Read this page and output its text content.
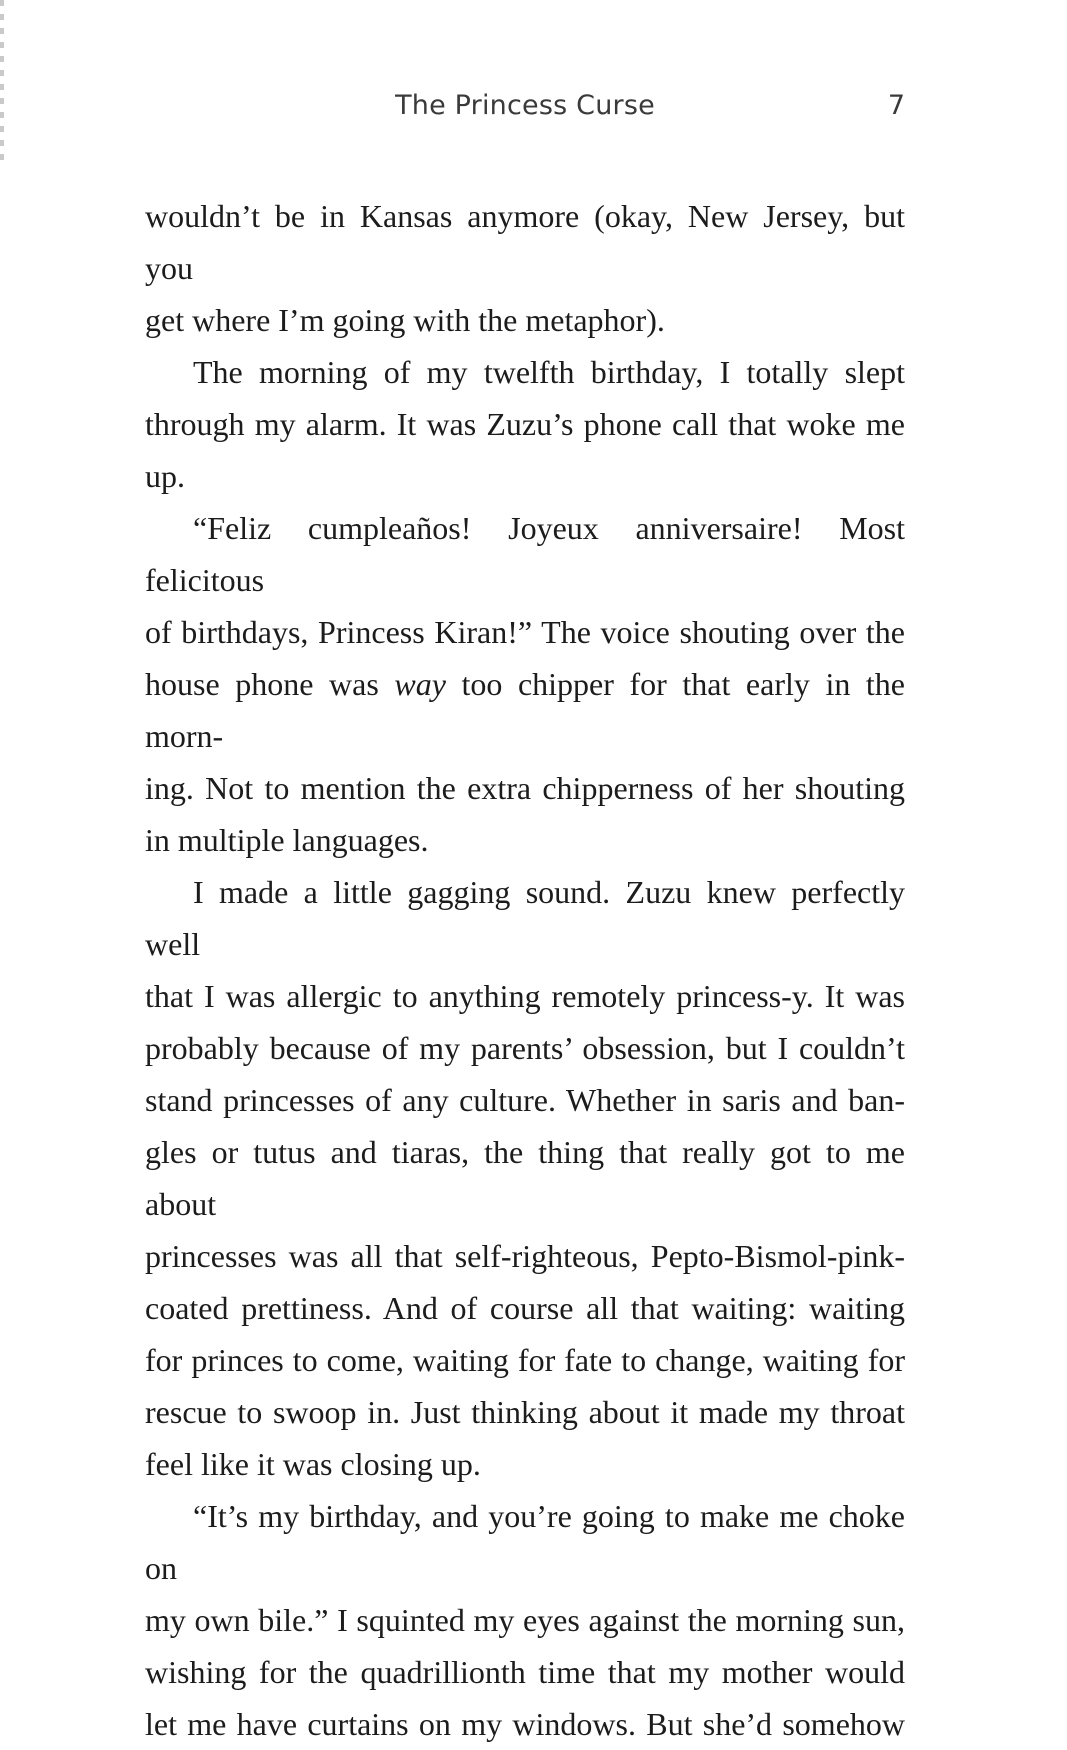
The Princess Curse	7

wouldn’t be in Kansas anymore (okay, New Jersey, but you

get where I’m going with the metaphor).

The morning of my twelfth birthday, I totally slept

through my alarm. It was Zuzu’s phone call that woke me up.

“Feliz cumpleaños! Joyeux anniversaire! Most felicitous

of birthdays, Princess Kiran!” The voice shouting over the

house phone was way too chipper for that early in the morn-

ing. Not to mention the extra chipperness of her shouting

in multiple languages.

I made a little gagging sound. Zuzu knew perfectly well

that I was allergic to anything remotely princess-y. It was

probably because of my parents’ obsession, but I couldn’t

stand princesses of any culture. Whether in saris and ban-

gles or tutus and tiaras, the thing that really got to me about

princesses was all that self-righteous, Pepto-Bismol-pink-

coated prettiness. And of course all that waiting: waiting

for princes to come, waiting for fate to change, waiting for

rescue to swoop in. Just thinking about it made my throat

feel like it was closing up.

“It’s my birthday, and you’re going to make me choke on

my own bile.” I squinted my eyes against the morning sun,

wishing for the quadrillionth time that my mother would

let me have curtains on my windows. But she’d somehow
